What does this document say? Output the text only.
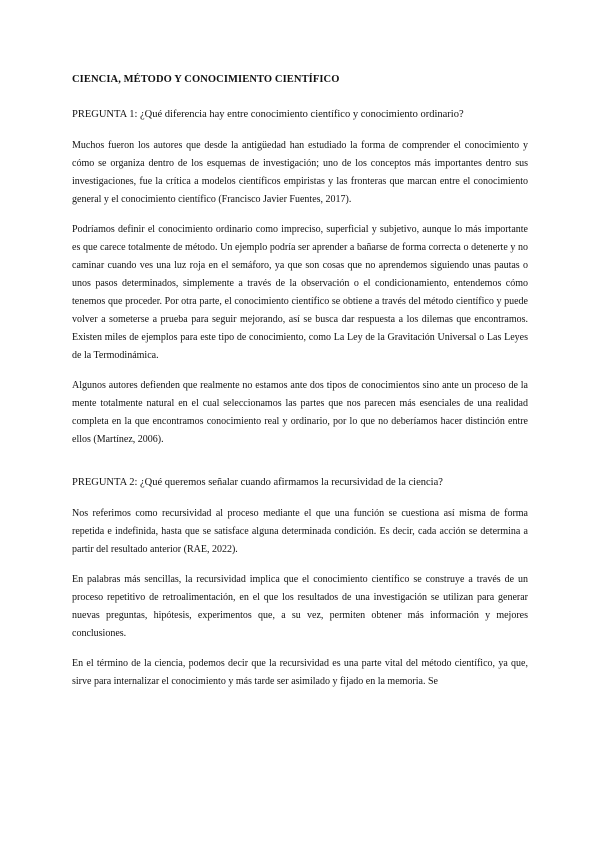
CIENCIA, MÉTODO Y CONOCIMIENTO CIENTÍFICO
PREGUNTA 1: ¿Qué diferencia hay entre conocimiento científico y conocimiento ordinario?

Muchos fueron los autores que desde la antigüedad han estudiado la forma de comprender el conocimiento y cómo se organiza dentro de los esquemas de investigación; uno de los conceptos más importantes dentro sus investigaciones, fue la crítica a modelos científicos empiristas y las fronteras que marcan entre el conocimiento general y el conocimiento científico (Francisco Javier Fuentes, 2017).

Podríamos definir el conocimiento ordinario como impreciso, superficial y subjetivo, aunque lo más importante es que carece totalmente de método. Un ejemplo podría ser aprender a bañarse de forma correcta o detenerte y no caminar cuando ves una luz roja en el semáforo, ya que son cosas que no aprendemos siguiendo unas pautas o unos pasos determinados, simplemente a través de la observación o el condicionamiento, entendemos cómo tenemos que proceder. Por otra parte, el conocimiento científico se obtiene a través del método científico y puede volver a someterse a prueba para seguir mejorando, así se busca dar respuesta a los dilemas que encontramos. Existen miles de ejemplos para este tipo de conocimiento, como La Ley de la Gravitación Universal o Las Leyes de la Termodinámica.

Algunos autores defienden que realmente no estamos ante dos tipos de conocimientos sino ante un proceso de la mente totalmente natural en el cual seleccionamos las partes que nos parecen más esenciales de una realidad completa en la que encontramos conocimiento real y ordinario, por lo que no deberíamos hacer distinción entre ellos (Martínez, 2006).

PREGUNTA 2: ¿Qué queremos señalar cuando afirmamos la recursividad de la ciencia?

Nos referimos como recursividad al proceso mediante el que una función se cuestiona así misma de forma repetida e indefinida, hasta que se satisface alguna determinada condición. Es decir, cada acción se determina a partir del resultado anterior (RAE, 2022).

En palabras más sencillas, la recursividad implica que el conocimiento científico se construye a través de un proceso repetitivo de retroalimentación, en el que los resultados de una investigación se utilizan para generar nuevas preguntas, hipótesis, experimentos que, a su vez, permiten obtener más información y mejores conclusiones.

En el término de la ciencia, podemos decir que la recursividad es una parte vital del método científico, ya que, sirve para internalizar el conocimiento y más tarde ser asimilado y fijado en la memoria. Se
